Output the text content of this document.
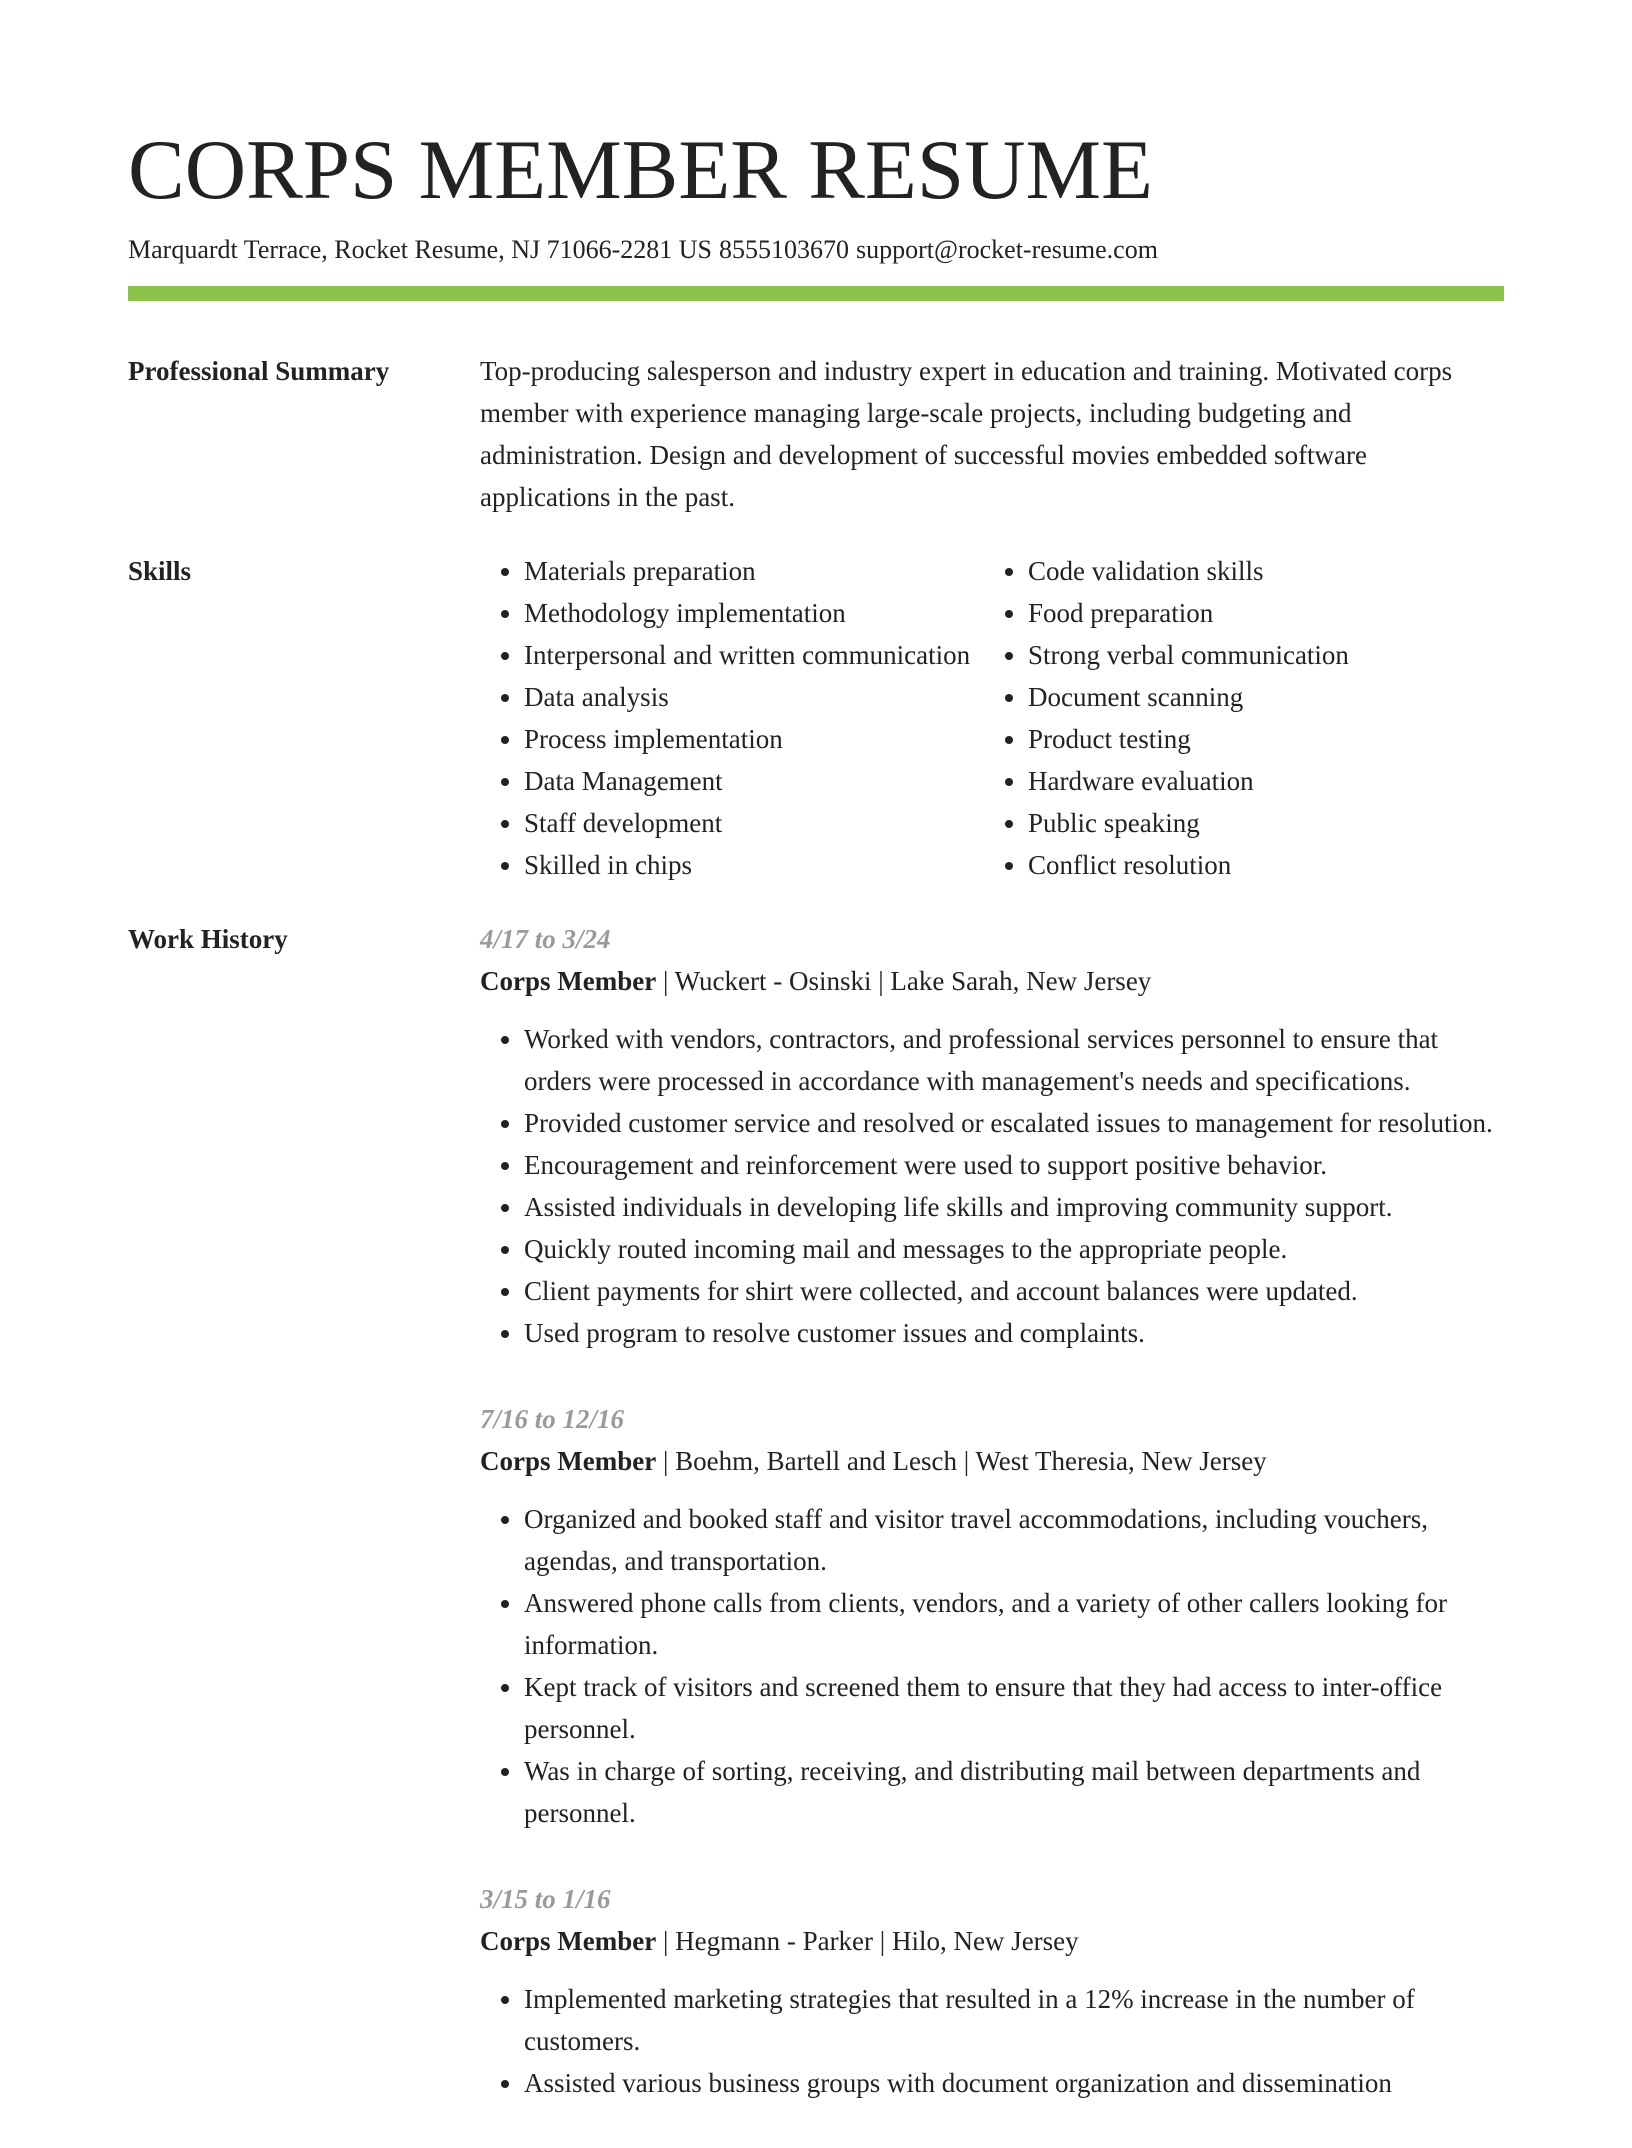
CORPS MEMBER RESUME
Marquardt Terrace, Rocket Resume, NJ 71066-2281 US 8555103670 support@rocket-resume.com
Professional Summary	Top-producing salesperson and industry expert in education and training. Motivated corps member with experience managing large-scale projects, including budgeting and administration. Design and development of successful movies embedded software applications in the past.

Skills
•	Materials preparation
• Methodology implementation
• Interpersonal and written communication
• Data analysis
• Process implementation
• Data Management
• Staff development
• Skilled in chips
• Code validation skills
• Food preparation
• Strong verbal communication
• Document scanning
• Product testing
• Hardware evaluation
• Public speaking
• Conflict resolution
Work History	4/17 to 3/24
Corps Member | Wuckert - Osinski | Lake Sarah, New Jersey
• Worked with vendors, contractors, and professional services personnel to ensure that orders were processed in accordance with management's needs and specifications.
• Provided customer service and resolved or escalated issues to management for resolution.
• Encouragement and reinforcement were used to support positive behavior.
• Assisted individuals in developing life skills and improving community support.
• Quickly routed incoming mail and messages to the appropriate people.
• Client payments for shirt were collected, and account balances were updated.
• Used program to resolve customer issues and complaints.
7/16 to 12/16
Corps Member | Boehm, Bartell and Lesch | West Theresia, New Jersey
• Organized and booked staff and visitor travel accommodations, including vouchers, agendas, and transportation.
• Answered phone calls from clients, vendors, and a variety of other callers looking for information.
• Kept track of visitors and screened them to ensure that they had access to inter-office personnel.
• Was in charge of sorting, receiving, and distributing mail between departments and personnel.
3/15 to 1/16
Corps Member | Hegmann - Parker | Hilo, New Jersey
• Implemented marketing strategies that resulted in a 12% increase in the number of customers.
• Assisted various business groups with document organization and dissemination
